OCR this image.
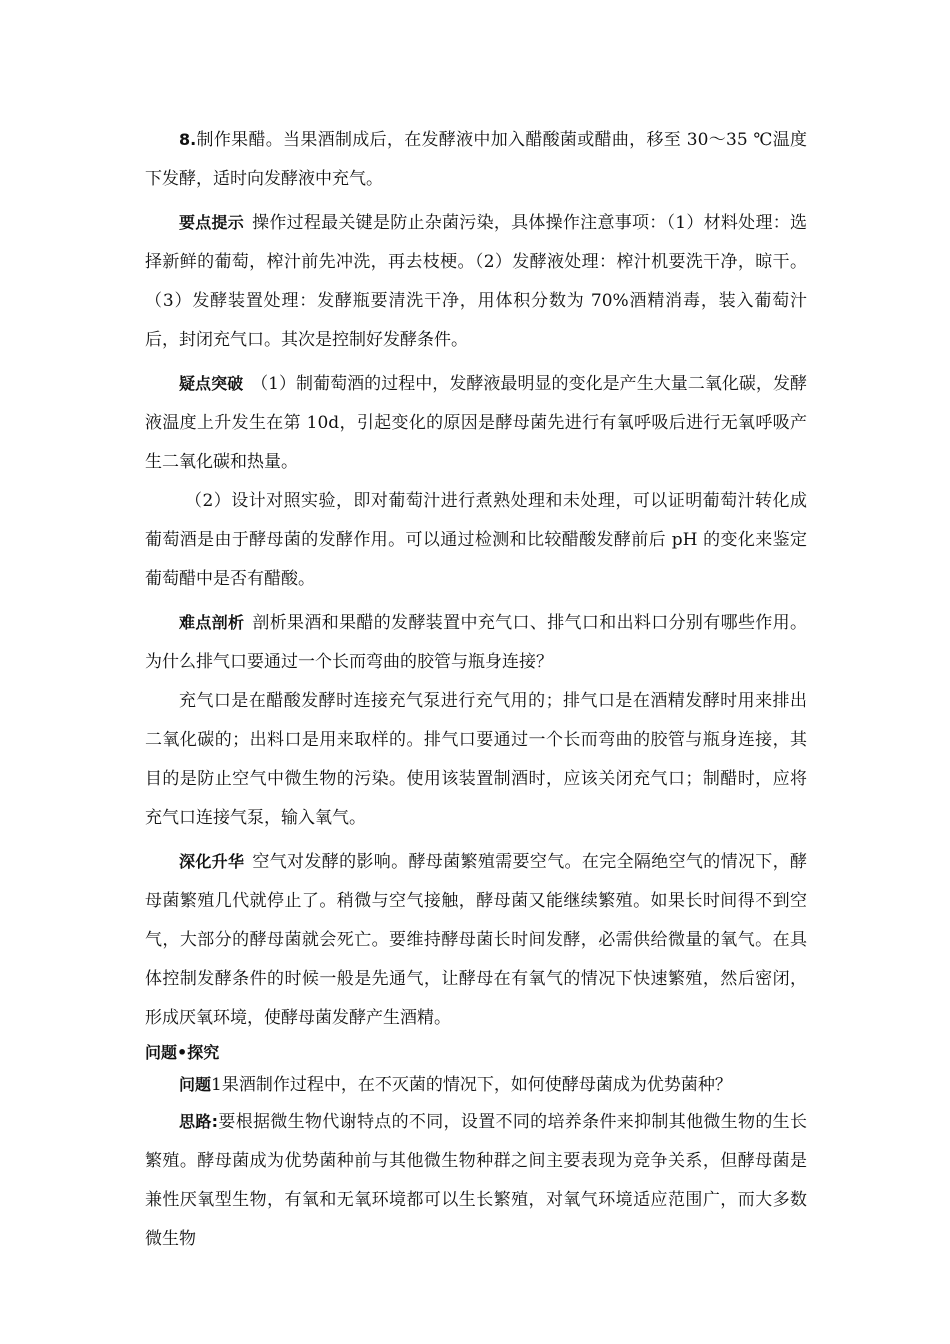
8.制作果醋。当果酒制成后，在发酵液中加入醋酸菌或醋曲，移至 30～35 ℃温度下发酵，适时向发酵液中充气。

要点提示 操作过程最关键是防止杂菌污染，具体操作注意事项：（1）材料处理：选择新鲜的葡萄，榨汁前先冲洗，再去枝梗。（2）发酵液处理：榨汁机要洗干净，晾干。（3）发酵装置处理：发酵瓶要清洗干净，用体积分数为 70%酒精消毒，装入葡萄汁后，封闭充气口。其次是控制好发酵条件。

疑点突破 （1）制葡萄酒的过程中，发酵液最明显的变化是产生大量二氧化碳，发酵液温度上升发生在第 10d，引起变化的原因是酵母菌先进行有氧呼吸后进行无氧呼吸产生二氧化碳和热量。

（2）设计对照实验，即对葡萄汁进行煮熟处理和未处理，可以证明葡萄汁转化成葡萄酒是由于酵母菌的发酵作用。可以通过检测和比较醋酸发酵前后 pH 的变化来鉴定葡萄醋中是否有醋酸。

难点剖析 剖析果酒和果醋的发酵装置中充气口、排气口和出料口分别有哪些作用。为什么排气口要通过一个长而弯曲的胶管与瓶身连接？

充气口是在醋酸发酵时连接充气泵进行充气用的；排气口是在酒精发酵时用来排出二氧化碳的；出料口是用来取样的。排气口要通过一个长而弯曲的胶管与瓶身连接，其目的是防止空气中微生物的污染。使用该装置制酒时，应该关闭充气口；制醋时，应将充气口连接气泵，输入氧气。

深化升华 空气对发酵的影响。酵母菌繁殖需要空气。在完全隔绝空气的情况下，酵母菌繁殖几代就停止了。稍微与空气接触，酵母菌又能继续繁殖。如果长时间得不到空气，大部分的酵母菌就会死亡。要维持酵母菌长时间发酵，必需供给微量的氧气。在具体控制发酵条件的时候一般是先通气，让酵母在有氧气的情况下快速繁殖，然后密闭，形成厌氧环境，使酵母菌发酵产生酒精。

问题•探究

问题1果酒制作过程中，在不灭菌的情况下，如何使酵母菌成为优势菌种？

思路:要根据微生物代谢特点的不同，设置不同的培养条件来抑制其他微生物的生长繁殖。酵母菌成为优势菌种前与其他微生物种群之间主要表现为竞争关系，但酵母菌是兼性厌氧型生物，有氧和无氧环境都可以生长繁殖，对氧气环境适应范围广，而大多数微生物
